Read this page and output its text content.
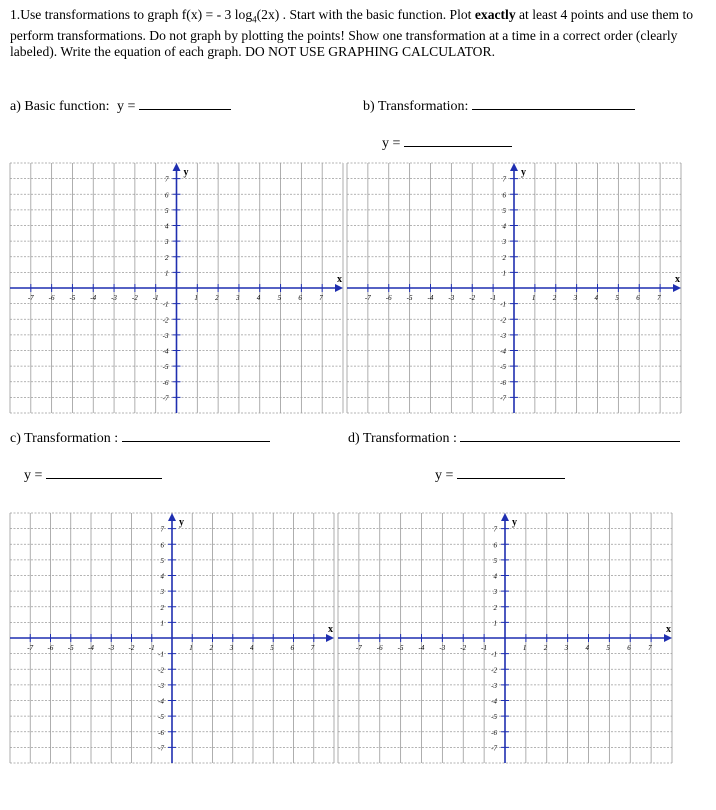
1.Use transformations to graph f(x) = - 3 $\log_4(2x)$ . Start with the basic function. Plot exactly at least 4 points and use them to perform transformations. Do not graph by plotting the points! Show one transformation at a time in a correct order (clearly labeled). Write the equation of each graph. DO NOT USE GRAPHING CALCULATOR.
a) Basic function: y =	b) Transformation:
y =
c) Transformation :
y =
d) Transformation :
y =
x
y
-7 -6 -5 -4 -3 -2 -1	1 2 3 4 5 6 7
1
2
3
4
5
6
7
-1
-2
-3
-4
-5
-6
-7
x
y
-7 -6 -5 -4 -3 -2 -1	1 2 3 4 5 6 7
1
2
3
4
5
6
7
-1
-2
-3
-4
-5
-6
-7
x
y
-7 -6 -5 -4 -3 -2 -1	1 2 3 4 5 6 7
1
2
3
4
5
6
7
-1
-2
-3
-4
-5
-6
-7
x
y
-7 -6 -5 -4 -3 -2 -1	1 2 3 4 5 6 7
1
2
3
4
5
6
7
-1
-2
-3
-4
-5
-6
-7
